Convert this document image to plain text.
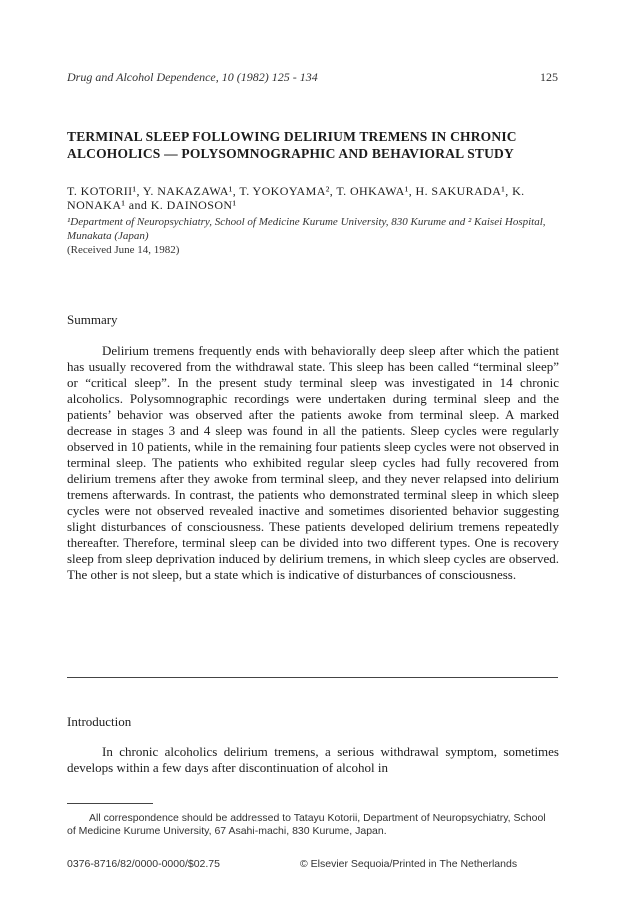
Drug and Alcohol Dependence, 10 (1982) 125 - 134	125
TERMINAL SLEEP FOLLOWING DELIRIUM TREMENS IN CHRONIC ALCOHOLICS — POLYSOMNOGRAPHIC AND BEHAVIORAL STUDY
T. KOTORII¹, Y. NAKAZAWA¹, T. YOKOYAMA², T. OHKAWA¹, H. SAKURADA¹, K. NONAKA¹ and K. DAINOSON¹
¹Department of Neuropsychiatry, School of Medicine Kurume University, 830 Kurume and ² Kaisei Hospital, Munakata (Japan)
(Received June 14, 1982)
Summary
Delirium tremens frequently ends with behaviorally deep sleep after which the patient has usually recovered from the withdrawal state. This sleep has been called “terminal sleep” or “critical sleep”. In the present study terminal sleep was investigated in 14 chronic alcoholics. Polysomnographic recordings were undertaken during terminal sleep and the patients’ behavior was observed after the patients awoke from terminal sleep. A marked decrease in stages 3 and 4 sleep was found in all the patients. Sleep cycles were regularly observed in 10 patients, while in the remaining four patients sleep cycles were not observed in terminal sleep. The patients who exhibited regular sleep cycles had fully recovered from delirium tremens after they awoke from terminal sleep, and they never relapsed into delirium tremens afterwards. In contrast, the patients who demonstrated terminal sleep in which sleep cycles were not observed revealed inactive and sometimes disoriented behavior suggesting slight disturbances of consciousness. These patients developed delirium tremens repeatedly thereafter. Therefore, terminal sleep can be divided into two different types. One is recovery sleep from sleep deprivation induced by delirium tremens, in which sleep cycles are observed. The other is not sleep, but a state which is indicative of disturbances of consciousness.
Introduction
In chronic alcoholics delirium tremens, a serious withdrawal symptom, sometimes develops within a few days after discontinuation of alcohol in
All correspondence should be addressed to Tatayu Kotorii, Department of Neuropsychiatry, School of Medicine Kurume University, 67 Asahi-machi, 830 Kurume, Japan.
0376-8716/82/0000-0000/$02.75	© Elsevier Sequoia/Printed in The Netherlands
